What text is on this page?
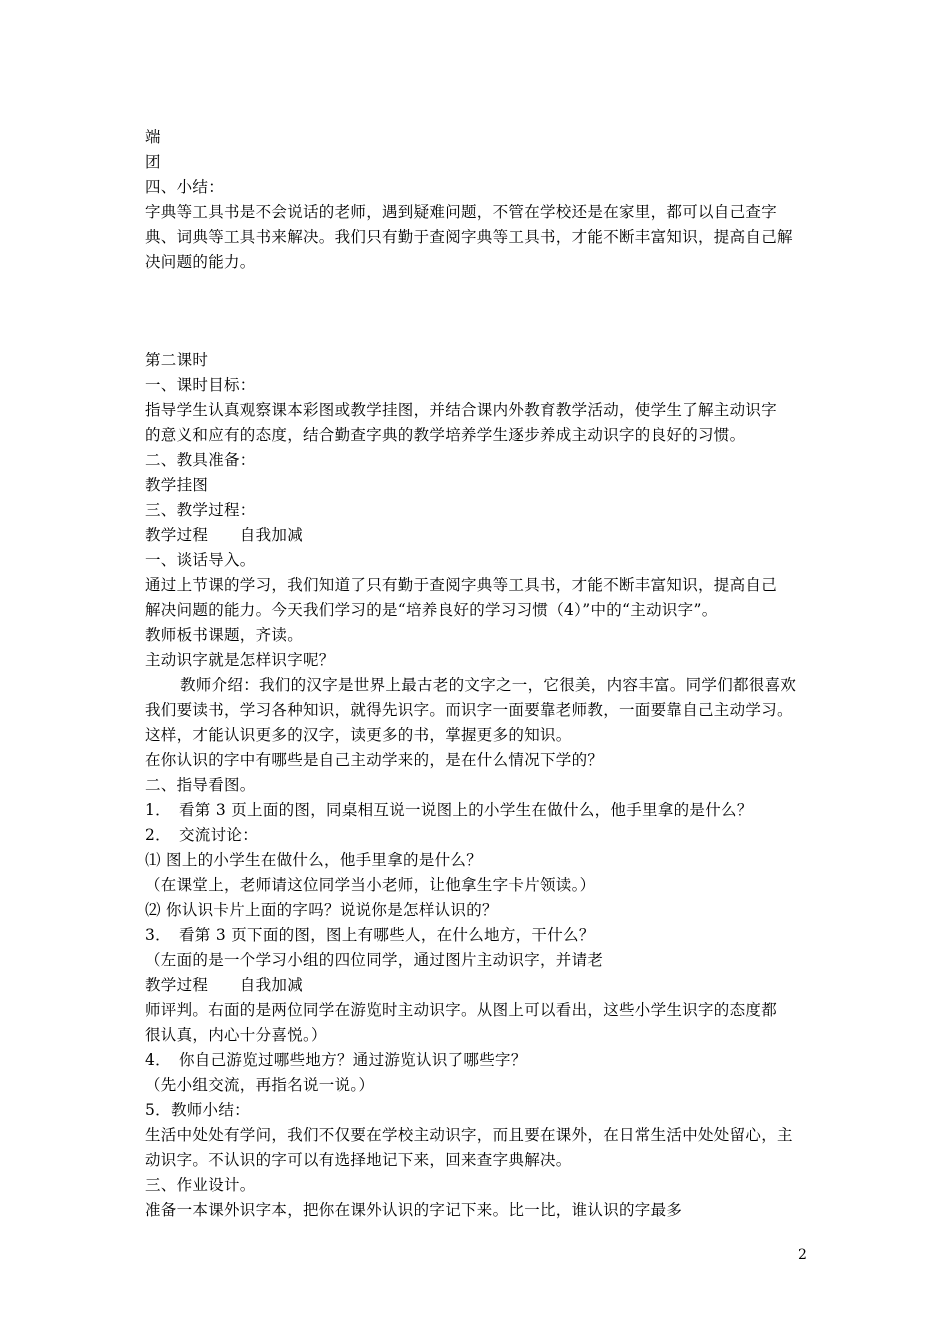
端
团
四、小结：
字典等工具书是不会说话的老师，遇到疑难问题，不管在学校还是在家里，都可以自己查字
典、词典等工具书来解决。我们只有勤于查阅字典等工具书，才能不断丰富知识，提高自己解
决问题的能力。
第二课时
一、课时目标：
指导学生认真观察课本彩图或教学挂图，并结合课内外教育教学活动，使学生了解主动识字
的意义和应有的态度，结合勤查字典的教学培养学生逐步养成主动识字的良好的习惯。
二、教具准备：
教学挂图
三、教学过程：
教学过程　　自我加减
一、谈话导入。
通过上节课的学习，我们知道了只有勤于查阅字典等工具书，才能不断丰富知识，提高自己
解决问题的能力。今天我们学习的是“培养良好的学习习惯（4）”中的“主动识字”。
教师板书课题，齐读。
主动识字就是怎样识字呢？
教师介绍：我们的汉字是世界上最古老的文字之一，它很美，内容丰富。同学们都很喜欢
我们要读书，学习各种知识，就得先识字。而识字一面要靠老师教，一面要靠自己主动学习。
这样，才能认识更多的汉字，读更多的书，掌握更多的知识。
在你认识的字中有哪些是自己主动学来的，是在什么情况下学的？
二、指导看图。
1．　看第 3 页上面的图，同桌相互说一说图上的小学生在做什么，他手里拿的是什么？
2．　交流讨论：
⑴ 图上的小学生在做什么，他手里拿的是什么？
（在课堂上，老师请这位同学当小老师，让他拿生字卡片领读。）
⑵ 你认识卡片上面的字吗？说说你是怎样认识的？
3．　看第 3 页下面的图，图上有哪些人，在什么地方，干什么？
（左面的是一个学习小组的四位同学，通过图片主动识字，并请老
教学过程　　自我加减
师评判。右面的是两位同学在游览时主动识字。从图上可以看出，这些小学生识字的态度都
很认真，内心十分喜悦。）
4．　你自己游览过哪些地方？通过游览认识了哪些字？
（先小组交流，再指名说一说。）
5．教师小结：
生活中处处有学问，我们不仅要在学校主动识字，而且要在课外，在日常生活中处处留心，主
动识字。不认识的字可以有选择地记下来，回来查字典解决。
三、作业设计。
准备一本课外识字本，把你在课外认识的字记下来。比一比，谁认识的字最多
2
